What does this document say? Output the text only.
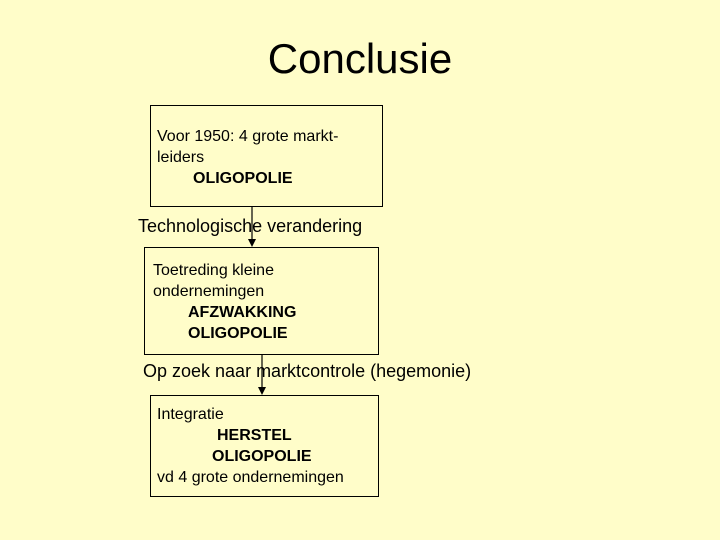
Conclusie
Voor 1950: 4 grote markt-
leiders
OLIGOPOLIE
Technologische verandering
Toetreding kleine
ondernemingen
AFZWAKKING
OLIGOPOLIE
Op zoek naar marktcontrole (hegemonie)
Integratie
HERSTEL
OLIGOPOLIE
vd 4 grote ondernemingen
